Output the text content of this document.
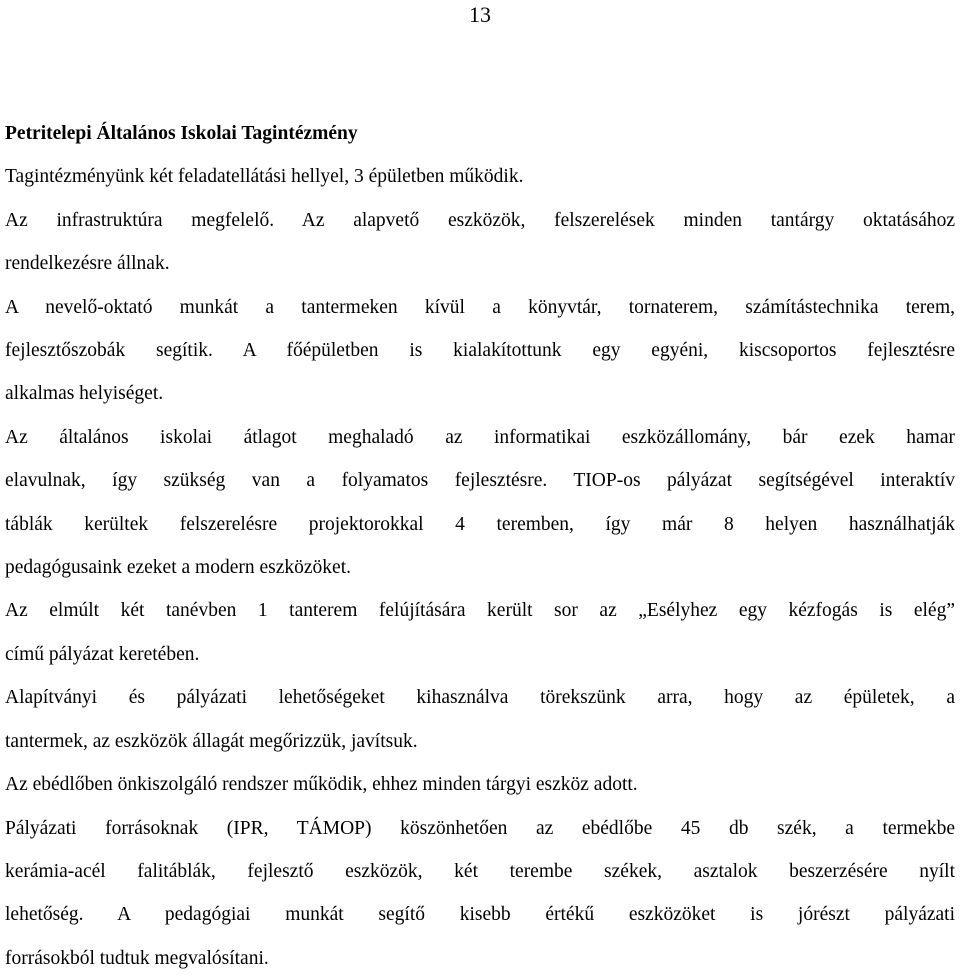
13

Petritelepi Általános Iskolai Tagintézmény

Tagintézményünk két feladatellátási hellyel, 3 épületben működik.
Az infrastruktúra megfelelő. Az alapvető eszközök, felszerelések minden tantárgy oktatásához
rendelkezésre állnak.
A nevelő-oktató munkát a tantermeken kívül a könyvtár, tornaterem, számítástechnika terem,
fejlesztőszobák segítik. A főépületben is kialakítottunk egy egyéni, kiscsoportos fejlesztésre
alkalmas helyiséget.
Az általános iskolai átlagot meghaladó az informatikai eszközállomány, bár ezek hamar
elavulnak, így szükség van a folyamatos fejlesztésre. TIOP-os pályázat segítségével interaktív
táblák kerültek felszerelésre projektorokkal 4 teremben, így már 8 helyen használhatják
pedagógusaink ezeket a modern eszközöket.
Az elmúlt két tanévben 1 tanterem felújítására került sor az „Esélyhez egy kézfogás is elég”
című pályázat keretében.
Alapítványi és pályázati lehetőségeket kihasználva törekszünk arra, hogy az épületek, a
tantermek, az eszközök állagát megőrizzük, javítsuk.
Az ebédlőben önkiszolgáló rendszer működik, ehhez minden tárgyi eszköz adott.
Pályázati forrásoknak (IPR, TÁMOP) köszönhetően az ebédlőbe 45 db szék, a termekbe
kerámia-acél falitáblák, fejlesztő eszközök, két terembe székek, asztalok beszerzésére nyílt
lehetőség. A pedagógiai munkát segítő kisebb értékű eszközöket is jórészt pályázati
forrásokból tudtuk megvalósítani.
